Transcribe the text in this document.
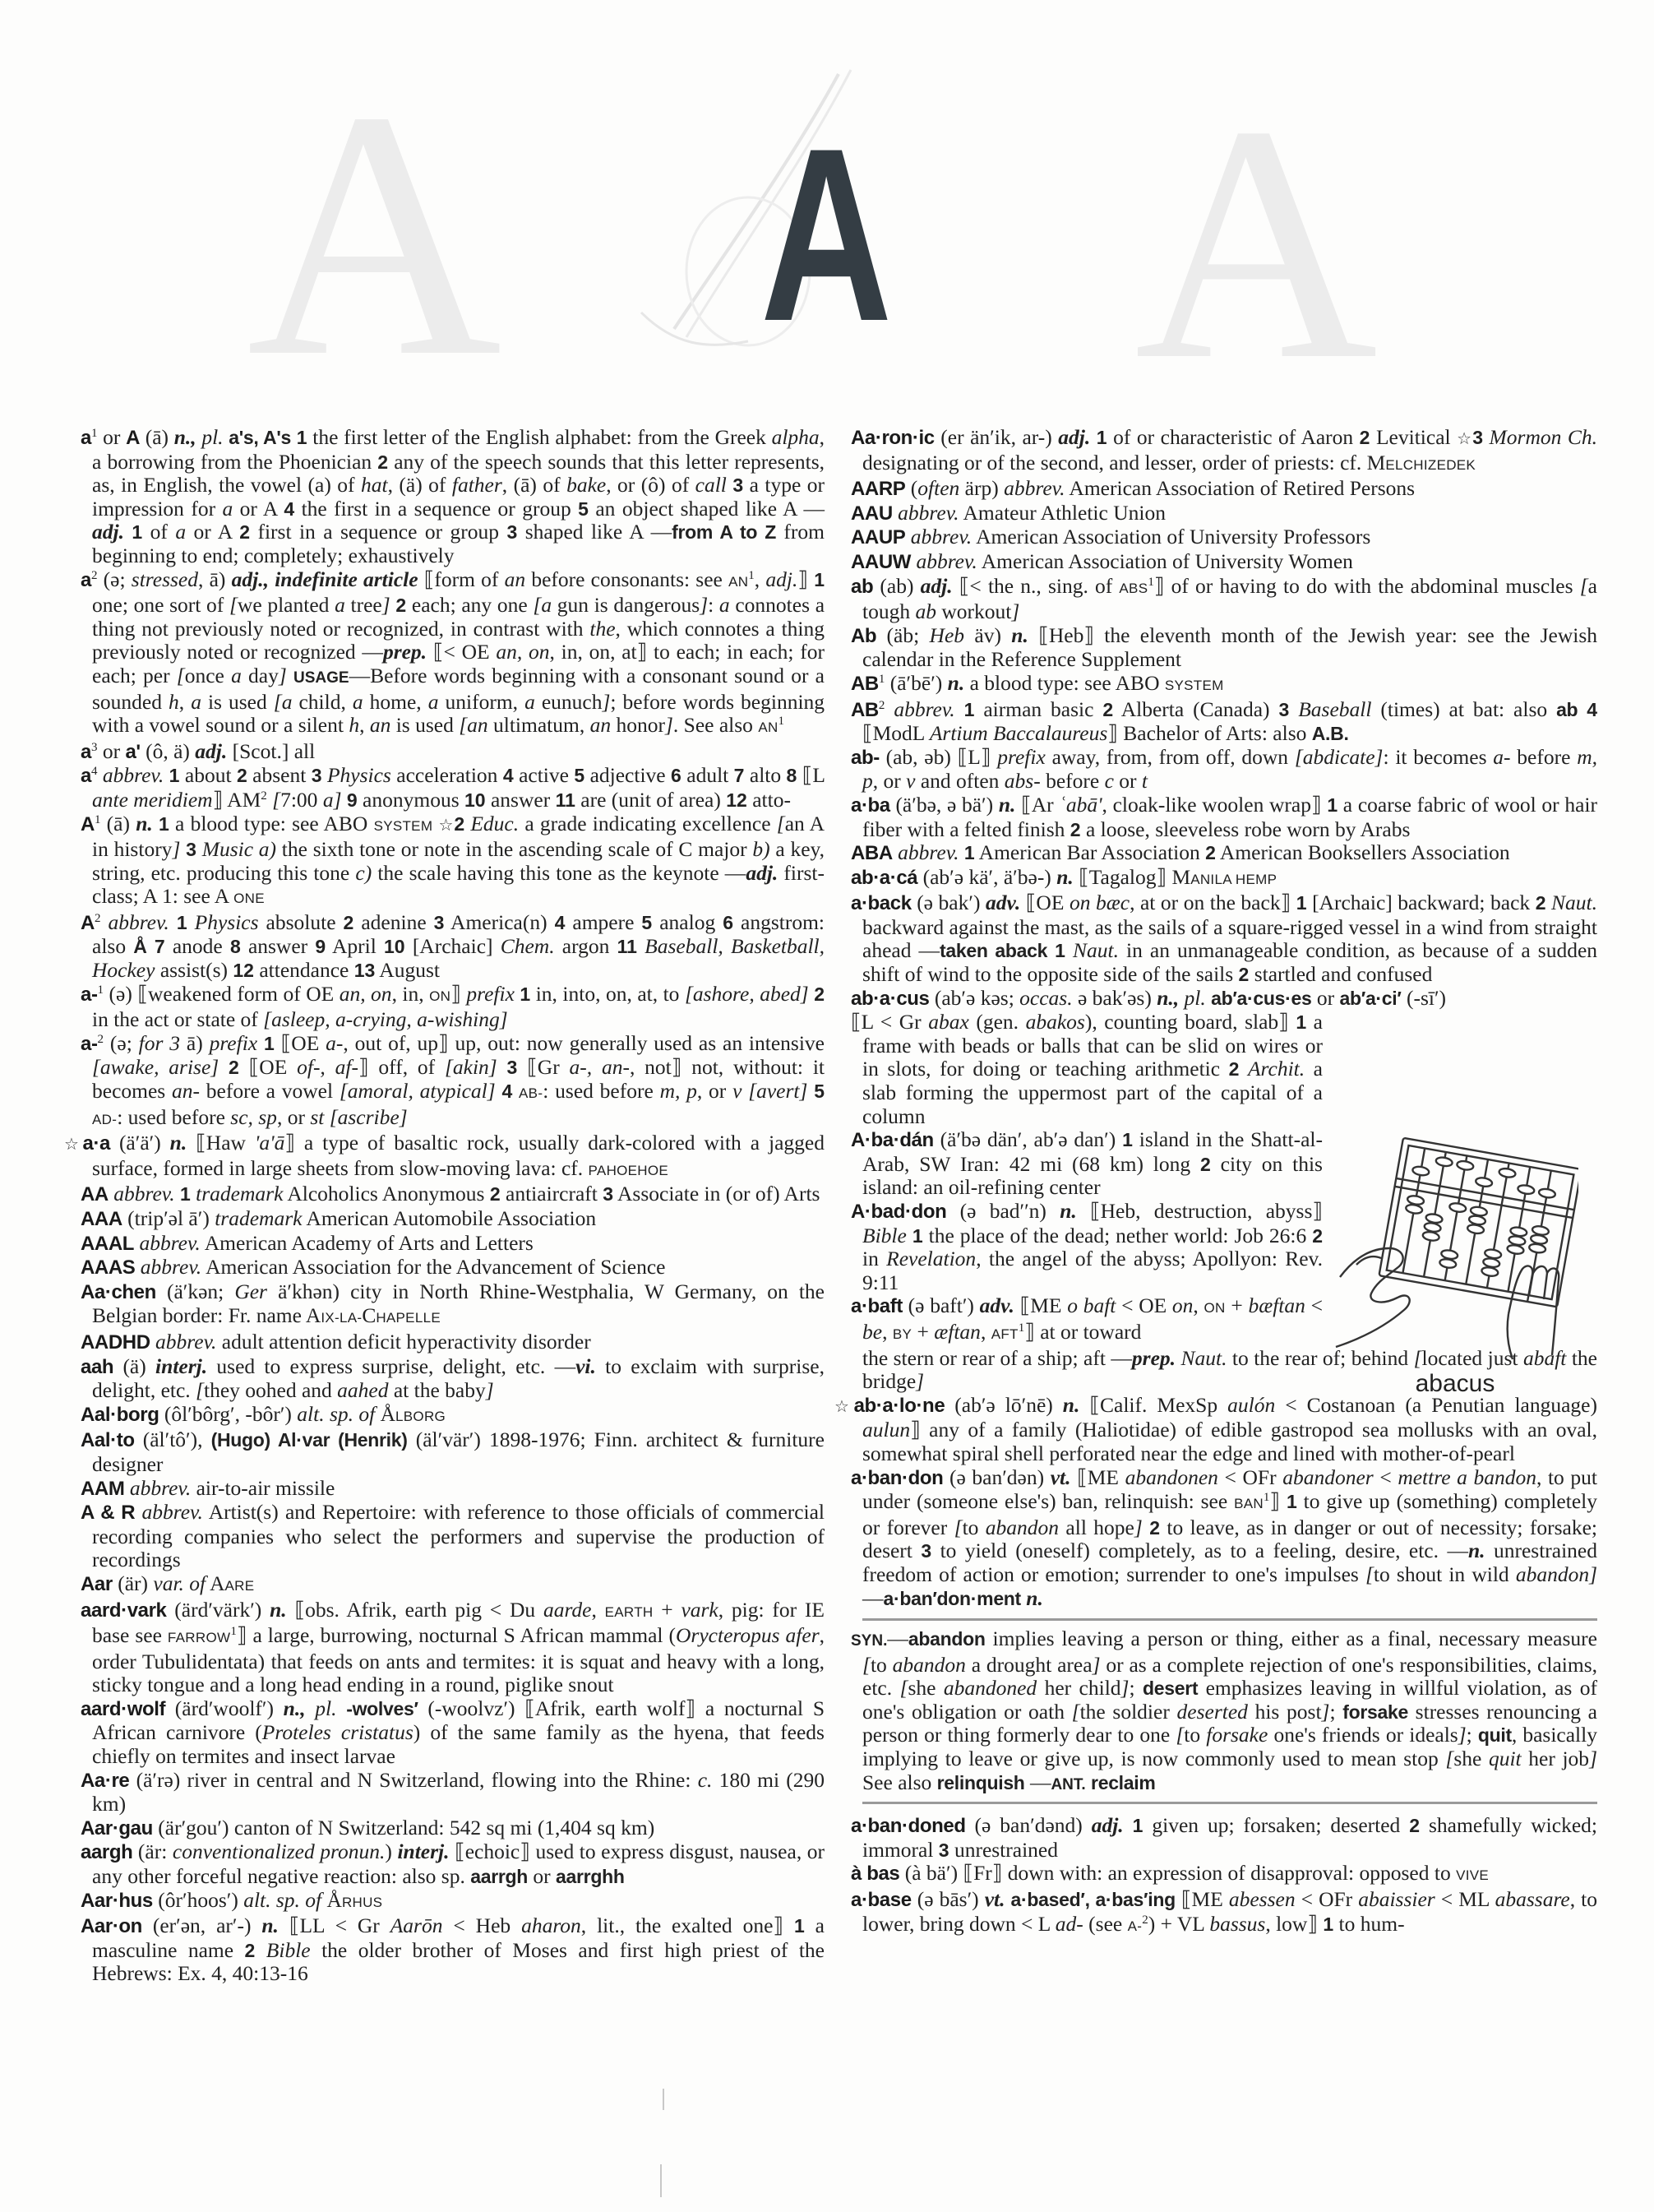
A A A

$a^1$ or A (ā) n., pl. a's, A's 1 the first letter of the English alphabet: from the Greek alpha, a borrowing from the Phoenician 2 any of the speech sounds that this letter represents, as, in English, the vowel (a) of hat, (ä) of father, (ā) of bake, or (ô) of call 3 a type or impression for a or A 4 the first in a sequence or group 5 an object shaped like A —adj. 1 of a or A 2 first in a sequence or group 3 shaped like A —from A to Z from beginning to end; completely; exhaustively

$a^2$ (ə; stressed, ā) adj., indefinite article ⟦form of an before consonants: see $AN^1$, adj.⟧ 1 one; one sort of [we planted a tree] 2 each; any one [a gun is dangerous]: a connotes a thing not previously noted or recognized, in contrast with the, which connotes a thing previously noted or recognized —prep. ⟦< OE an, on, in, on, at⟧ to each; in each; for each; per [once a day] USAGE—Before words beginning with a consonant sound or a sounded h, a is used [a child, a home, a uniform, a eunuch]; before words beginning with a vowel sound or a silent h, an is used [an ultimatum, an honor]. See also $AN^1$

$a^3$ or a' (ô, ä) adj. [Scot.] all

$a^4$ abbrev. 1 about 2 absent 3 Physics acceleration 4 active 5 adjective 6 adult 7 alto 8 ⟦L ante meridiem⟧ $AM^2$ [7:00 a] 9 anonymous 10 answer 11 are (unit of area) 12 atto-

$A^1$ (ā) n. 1 a blood type: see ABO SYSTEM ☆2 Educ. a grade indicating excellence [an A in history] 3 Music a) the sixth tone or note in the ascending scale of C major b) a key, string, etc. producing this tone c) the scale having this tone as the keynote —adj. first-class; A 1: see A ONE

$A^2$ abbrev. 1 Physics absolute 2 adenine 3 America(n) 4 ampere 5 analog 6 angstrom: also Å 7 anode 8 answer 9 April 10 [Archaic] Chem. argon 11 Baseball, Basketball, Hockey assist(s) 12 attendance 13 August

a-$^1$ (ə) ⟦weakened form of OE an, on, in, ON⟧ prefix 1 in, into, on, at, to [ashore, abed] 2 in the act or state of [asleep, a-crying, a-wishing]

a-$^2$ (ə; for 3 ā) prefix 1 ⟦OE a-, out of, up⟧ up, out: now generally used as an intensive [awake, arise] 2 ⟦OE of-, af-⟧ off, of [akin] 3 ⟦Gr a-, an-, not⟧ not, without: it becomes an- before a vowel [amoral, atypical] 4 AB-: used before m, p, or v [avert] 5 AD-: used before sc, sp, or st [ascribe]

☆a·a (ä′ä′) n. ⟦Haw 'a'ā⟧ a type of basaltic rock, usually dark-colored with a jagged surface, formed in large sheets from slow-moving lava: cf. PAHOEHOE

AA abbrev. 1 trademark Alcoholics Anonymous 2 antiaircraft 3 Associate in (or of) Arts

AAA (trip′əl ā′) trademark American Automobile Association

AAAL abbrev. American Academy of Arts and Letters

AAAS abbrev. American Association for the Advancement of Science

Aa·chen (ä′kən; Ger ä′khən) city in North Rhine-Westphalia, W Germany, on the Belgian border: Fr. name AIX-LA-CHAPELLE

AADHD abbrev. adult attention deficit hyperactivity disorder

aah (ä) interj. used to express surprise, delight, etc. —vi. to exclaim with surprise, delight, etc. [they oohed and aahed at the baby]

Aal·borg (ôl′bôrg′, -bôr′) alt. sp. of ÅLBORG

Aal·to (äl′tô′), (Hugo) Al·var (Henrik) (äl′vär′) 1898-1976; Finn. architect & furniture designer

AAM abbrev. air-to-air missile

A & R abbrev. Artist(s) and Repertoire: with reference to those officials of commercial recording companies who select the performers and supervise the production of recordings

Aar (är) var. of AARE

aard·vark (ärd′värk′) n. ⟦obs. Afrik, earth pig < Du aarde, EARTH + vark, pig: for IE base see FARROW$^1$⟧ a large, burrowing, nocturnal S African mammal (Orycteropus afer, order Tubulidentata) that feeds on ants and termites: it is squat and heavy with a long, sticky tongue and a long head ending in a round, piglike snout

aard·wolf (ärd′woolf′) n., pl. -wolves′ (-woolvz′) ⟦Afrik, earth wolf⟧ a nocturnal S African carnivore (Proteles cristatus) of the same family as the hyena, that feeds chiefly on termites and insect larvae

Aa·re (ä′rə) river in central and N Switzerland, flowing into the Rhine: c. 180 mi (290 km)

Aar·gau (är′gou′) canton of N Switzerland: 542 sq mi (1,404 sq km)

aargh (är: conventionalized pronun.) interj. ⟦echoic⟧ used to express disgust, nausea, or any other forceful negative reaction: also sp. aarrgh or aarrghh

Aar·hus (ôr′hoos′) alt. sp. of ÅRHUS

Aar·on (er′ən, ar′-) n. ⟦LL < Gr Aarōn < Heb aharon, lit., the exalted one⟧ 1 a masculine name 2 Bible the older brother of Moses and first high priest of the Hebrews: Ex. 4, 40:13-16

Aa·ron·ic (er än′ik, ar-) adj. 1 of or characteristic of Aaron 2 Levitical ☆3 Mormon Ch. designating or of the second, and lesser, order of priests: cf. MELCHIZEDEK

AARP (often ärp) abbrev. American Association of Retired Persons

AAU abbrev. Amateur Athletic Union

AAUP abbrev. American Association of University Professors

AAUW abbrev. American Association of University Women

ab (ab) adj. ⟦< the n., sing. of ABS$^1$⟧ of or having to do with the abdominal muscles [a tough ab workout]

Ab (äb; Heb äv) n. ⟦Heb⟧ the eleventh month of the Jewish year: see the Jewish calendar in the Reference Supplement

$AB^1$ (ā′bē′) n. a blood type: see ABO SYSTEM

$AB^2$ abbrev. 1 airman basic 2 Alberta (Canada) 3 Baseball (times) at bat: also ab 4 ⟦ModL Artium Baccalaureus⟧ Bachelor of Arts: also A.B.

ab- (ab, əb) ⟦L⟧ prefix away, from, from off, down [abdicate]: it becomes a- before m, p, or v and often abs- before c or t

a·ba (ä′bə, ə bä′) n. ⟦Ar ʿabā', cloak-like woolen wrap⟧ 1 a coarse fabric of wool or hair fiber with a felted finish 2 a loose, sleeveless robe worn by Arabs

ABA abbrev. 1 American Bar Association 2 American Booksellers Association

ab·a·cá (ab′ə kä′, ä′bə-) n. ⟦Tagalog⟧ MANILA HEMP

a·back (ə bak′) adv. ⟦OE on bæc, at or on the back⟧ 1 [Archaic] backward; back 2 Naut. backward against the mast, as the sails of a square-rigged vessel in a wind from straight ahead —taken aback 1 Naut. in an unmanageable condition, as because of a sudden shift of wind to the opposite side of the sails 2 startled and confused

ab·a·cus (ab′ə kəs; occas. ə bak′əs) n., pl. ab′a·cus·es or ab′a·ci′ (-sī′)

⟦L < Gr abax (gen. abakos), counting board, slab⟧ 1 a frame with beads or balls that can be slid on wires or in slots, for doing or teaching arithmetic 2 Archit. a slab forming the uppermost part of the capital of a column

A·ba·dán (ä′bə dän′, ab′ə dan′) 1 island in the Shatt-al-Arab, SW Iran: 42 mi (68 km) long 2 city on this island: an oil-refining center

A·bad·don (ə bad′′n) n. ⟦Heb, destruction, abyss⟧ Bible 1 the place of the dead; nether world: Job 26:6 2 in Revelation, the angel of the abyss; Apollyon: Rev. 9:11

a·baft (ə baft′) adv. ⟦ME o baft < OE on, ON + bæftan < be, BY + æftan, AFT$^1$⟧ at or toward

the stern or rear of a ship; aft —prep. Naut. to the rear of; behind [located just abaft the bridge]

☆ab·a·lo·ne (ab′ə lō′nē) n. ⟦Calif. MexSp aulón < Costanoan (a Penutian language) aulun⟧ any of a family (Haliotidae) of edible gastropod sea mollusks with an oval, somewhat spiral shell perforated near the edge and lined with mother-of-pearl

a·ban·don (ə ban′dən) vt. ⟦ME abandonen < OFr abandoner < mettre a bandon, to put under (someone else's) ban, relinquish: see BAN$^1$⟧ 1 to give up (something) completely or forever [to abandon all hope] 2 to leave, as in danger or out of necessity; forsake; desert 3 to yield (oneself) completely, as to a feeling, desire, etc. —n. unrestrained freedom of action or emotion; surrender to one's impulses [to shout in wild abandon] —a·ban′don·ment n.

SYN.—abandon implies leaving a person or thing, either as a final, necessary measure [to abandon a drought area] or as a complete rejection of one's responsibilities, claims, etc. [she abandoned her child]; desert emphasizes leaving in willful violation, as of one's obligation or oath [the soldier deserted his post]; forsake stresses renouncing a person or thing formerly dear to one [to forsake one's friends or ideals]; quit, basically implying to leave or give up, is now commonly used to mean stop [she quit her job] See also relinquish —ANT. reclaim

a·ban·doned (ə ban′dənd) adj. 1 given up; forsaken; deserted 2 shamefully wicked; immoral 3 unrestrained

à bas (à bä′) ⟦Fr⟧ down with: an expression of disapproval: opposed to VIVE

a·base (ə bās′) vt. a·based′, a·bas′ing ⟦ME abessen < OFr abaissier < ML abassare, to lower, bring down < L ad- (see A-$^2$) + VL bassus, low⟧ 1 to hum-

abacus
